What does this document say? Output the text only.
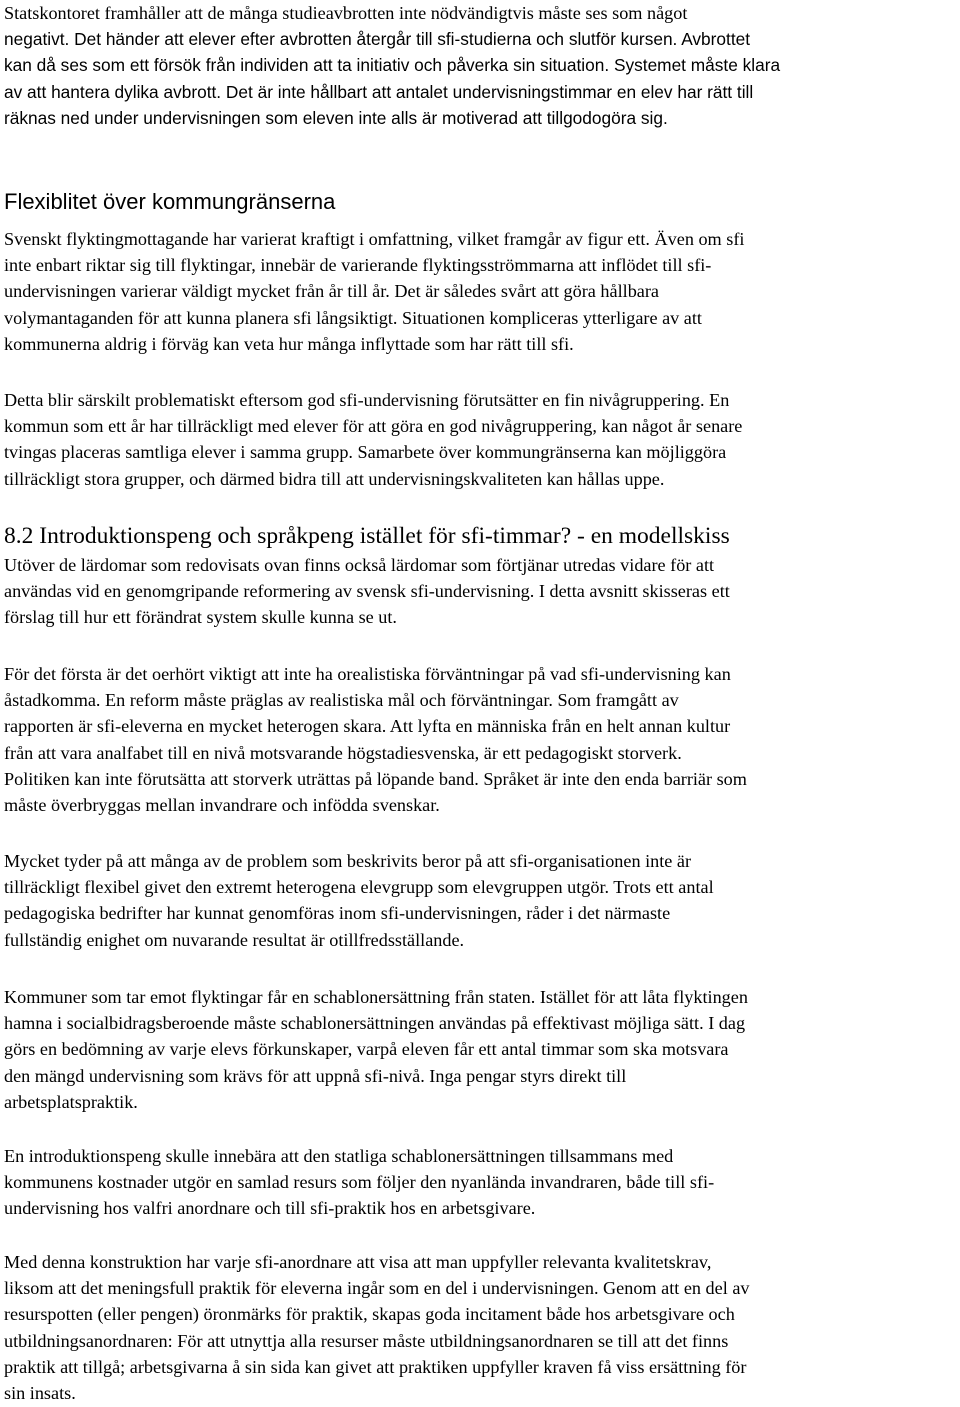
Statskontoret framhåller att de många studieavbrotten inte nödvändigtvis måste ses som något
negativt. Det händer att elever efter avbrotten återgår till sfi-studierna och slutför kursen. Avbrottet
kan då ses som ett försök från individen att ta initiativ och påverka sin situation. Systemet måste klara
av att hantera dylika avbrott. Det är inte hållbart att antalet undervisningstimmar en elev har rätt till
räknas ned under undervisningen som eleven inte alls är motiverad att tillgodogöra sig.

Flexiblitet över kommungränserna

Svenskt flyktingmottagande har varierat kraftigt i omfattning, vilket framgår av figur ett. Även om sfi
inte enbart riktar sig till flyktingar, innebär de varierande flyktingsströmmarna att inflödet till sfi-
undervisningen varierar väldigt mycket från år till år. Det är således svårt att göra hållbara
volymantaganden för att kunna planera sfi långsiktigt. Situationen kompliceras ytterligare av att
kommunerna aldrig i förväg kan veta hur många inflyttade som har rätt till sfi.

Detta blir särskilt problematiskt eftersom god sfi-undervisning förutsätter en fin nivågruppering. En
kommun som ett år har tillräckligt med elever för att göra en god nivågruppering, kan något år senare
tvingas placeras samtliga elever i samma grupp. Samarbete över kommungränserna kan möjliggöra
tillräckligt stora grupper, och därmed bidra till att undervisningskvaliteten kan hållas uppe.

8.2 Introduktionspeng och språkpeng istället för sfi-timmar? - en modellskiss

Utöver de lärdomar som redovisats ovan finns också lärdomar som förtjänar utredas vidare för att
användas vid en genomgripande reformering av svensk sfi-undervisning. I detta avsnitt skisseras ett
förslag till hur ett förändrat system skulle kunna se ut.

För det första är det oerhört viktigt att inte ha orealistiska förväntningar på vad sfi-undervisning kan
åstadkomma. En reform måste präglas av realistiska mål och förväntningar. Som framgått av
rapporten är sfi-eleverna en mycket heterogen skara. Att lyfta en människa från en helt annan kultur
från att vara analfabet till en nivå motsvarande högstadiesvenska, är ett pedagogiskt storverk.
Politiken kan inte förutsätta att storverk uträttas på löpande band. Språket är inte den enda barriär som
måste överbryggas mellan invandrare och infödda svenskar.

Mycket tyder på att många av de problem som beskrivits beror på att sfi-organisationen inte är
tillräckligt flexibel givet den extremt heterogena elevgrupp som elevgruppen utgör. Trots ett antal
pedagogiska bedrifter har kunnat genomföras inom sfi-undervisningen, råder i det närmaste
fullständig enighet om nuvarande resultat är otillfredsställande.

Kommuner som tar emot flyktingar får en schablonersättning från staten. Istället för att låta flyktingen
hamna i socialbidragsberoende måste schablonersättningen användas på effektivast möjliga sätt. I dag
görs en bedömning av varje elevs förkunskaper, varpå eleven får ett antal timmar som ska motsvara
den mängd undervisning som krävs för att uppnå sfi-nivå. Inga pengar styrs direkt till
arbetsplatspraktik.

En introduktionspeng skulle innebära att den statliga schablonersättningen tillsammans med
kommunens kostnader utgör en samlad resurs som följer den nyanlända invandraren, både till sfi-
undervisning hos valfri anordnare och till sfi-praktik hos en arbetsgivare.

Med denna konstruktion har varje sfi-anordnare att visa att man uppfyller relevanta kvalitetskrav,
liksom att det meningsfull praktik för eleverna ingår som en del i undervisningen. Genom att en del av
resurspotten (eller pengen) öronmärks för praktik, skapas goda incitament både hos arbetsgivare och
utbildningsanordnaren: För att utnyttja alla resurser måste utbildningsanordnaren se till att det finns
praktik att tillgå; arbetsgivarna å sin sida kan givet att praktiken uppfyller kraven få viss ersättning för
sin insats.
